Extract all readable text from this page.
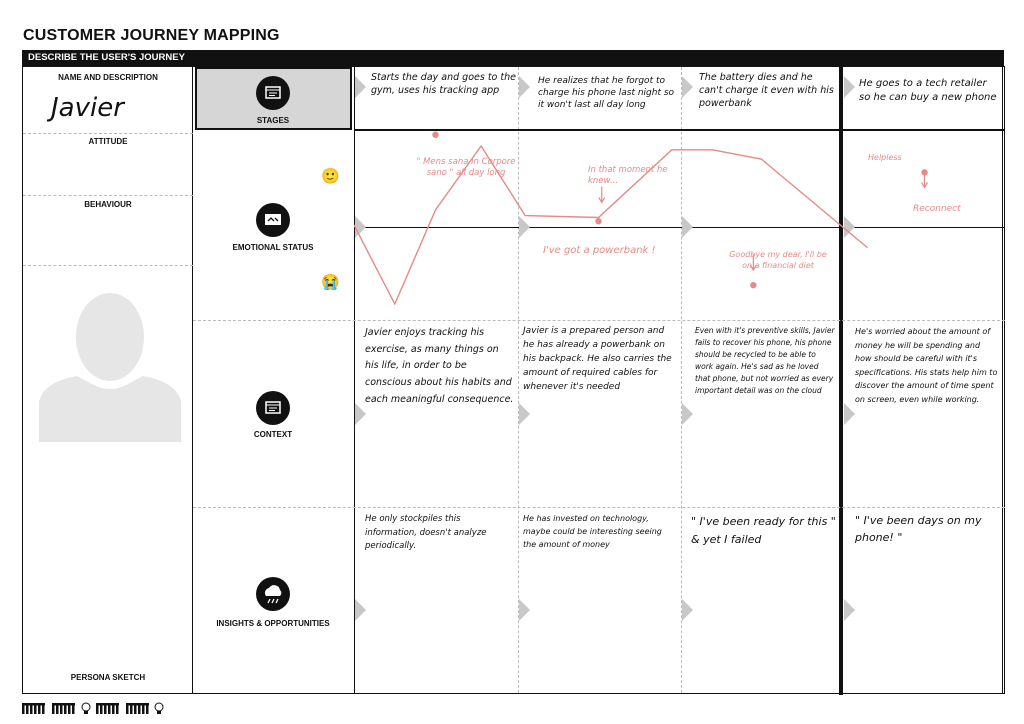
CUSTOMER JOURNEY MAPPING
DESCRIBE THE USER'S JOURNEY
NAME AND DESCRIPTION
Javier
ATTITUDE
BEHAVIOUR
PERSONA SKETCH
STAGES
EMOTIONAL STATUS
CONTEXT
INSIGHTS & OPPORTUNITIES
🙂
😭
Starts the day and goes to the gym, uses his tracking app
He realizes that he forgot to charge his phone last night so it won't last all day long
The battery dies and he can't charge it even with his powerbank
He goes to a tech retailer so he can buy a new phone
" Mens sana in Corpore sano " all day long	In that moment he knew...
I've got a powerbank !	Goodbye my dear, I'll be on a financial diet
Helpless
Reconnect
Javier enjoys tracking his exercise, as many things on his life, in order to be conscious about his habits and each meaningful consequence.
Javier is a prepared person and he has already a powerbank on his backpack. He also carries the amount of required cables for whenever it's needed
Even with it's preventive skills, Javier fails to recover his phone, his phone should be recycled to be able to work again. He's sad as he loved that phone, but not worried as every important detail was on the cloud
He's worried about the amount of money he will be spending and how should be careful with it's specifications. His stats help him to discover the amount of time spent on screen, even while working.
He only stockpiles this information, doesn't analyze periodically.
He has invested on technology, maybe could be interesting seeing the amount of money
" I've been ready for this " & yet I failed
" I've been days on my phone! "
